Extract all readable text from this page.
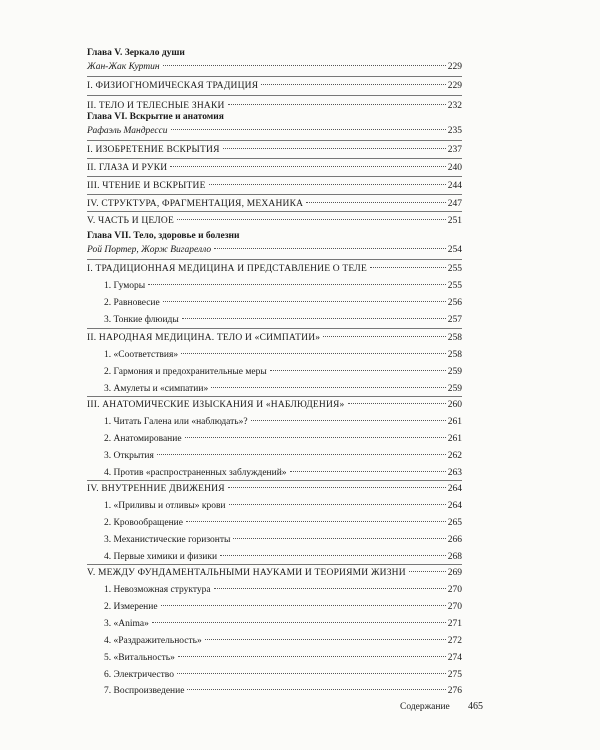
Глава V. Зеркало души
Жан-Жак Куртин	229
I. ФИЗИОГНОМИЧЕСКАЯ ТРАДИЦИЯ	229
II. ТЕЛО И ТЕЛЕСНЫЕ ЗНАКИ	232
Глава VI. Вскрытие и анатомия
Рафаэль Мандресси	235
I. ИЗОБРЕТЕНИЕ ВСКРЫТИЯ	237
II. ГЛАЗА И РУКИ	240
III. ЧТЕНИЕ И ВСКРЫТИЕ	244
IV. СТРУКТУРА, ФРАГМЕНТАЦИЯ, МЕХАНИКА	247
V. ЧАСТЬ И ЦЕЛОЕ	251
Глава VII. Тело, здоровье и болезни
Рой Портер, Жорж Вигарелло	254
I. ТРАДИЦИОННАЯ МЕДИЦИНА И ПРЕДСТАВЛЕНИЕ О ТЕЛЕ	255
1. Гуморы	255
2. Равновесие	256
3. Тонкие флюиды	257
II. НАРОДНАЯ МЕДИЦИНА. ТЕЛО И «СИМПАТИИ»	258
1. «Соответствия»	258
2. Гармония и предохранительные меры	259
3. Амулеты и «симпатии»	259
III. АНАТОМИЧЕСКИЕ ИЗЫСКАНИЯ И «НАБЛЮДЕНИЯ»	260
1. Читать Галена или «наблюдать»?	261
2. Анатомирование	261
3. Открытия	262
4. Против «распространенных заблуждений»	263
IV. ВНУТРЕННИЕ ДВИЖЕНИЯ	264
1. «Приливы и отливы» крови	264
2. Кровообращение	265
3. Механистические горизонты	266
4. Первые химики и физики	268
V. МЕЖДУ ФУНДАМЕНТАЛЬНЫМИ НАУКАМИ И ТЕОРИЯМИ ЖИЗНИ	269
1. Невозможная структура	270
2. Измерение	270
3. «Anima»	271
4. «Раздражительность»	272
5. «Витальность»	274
6. Электричество	275
7. Воспроизведение	276
Содержание	465
